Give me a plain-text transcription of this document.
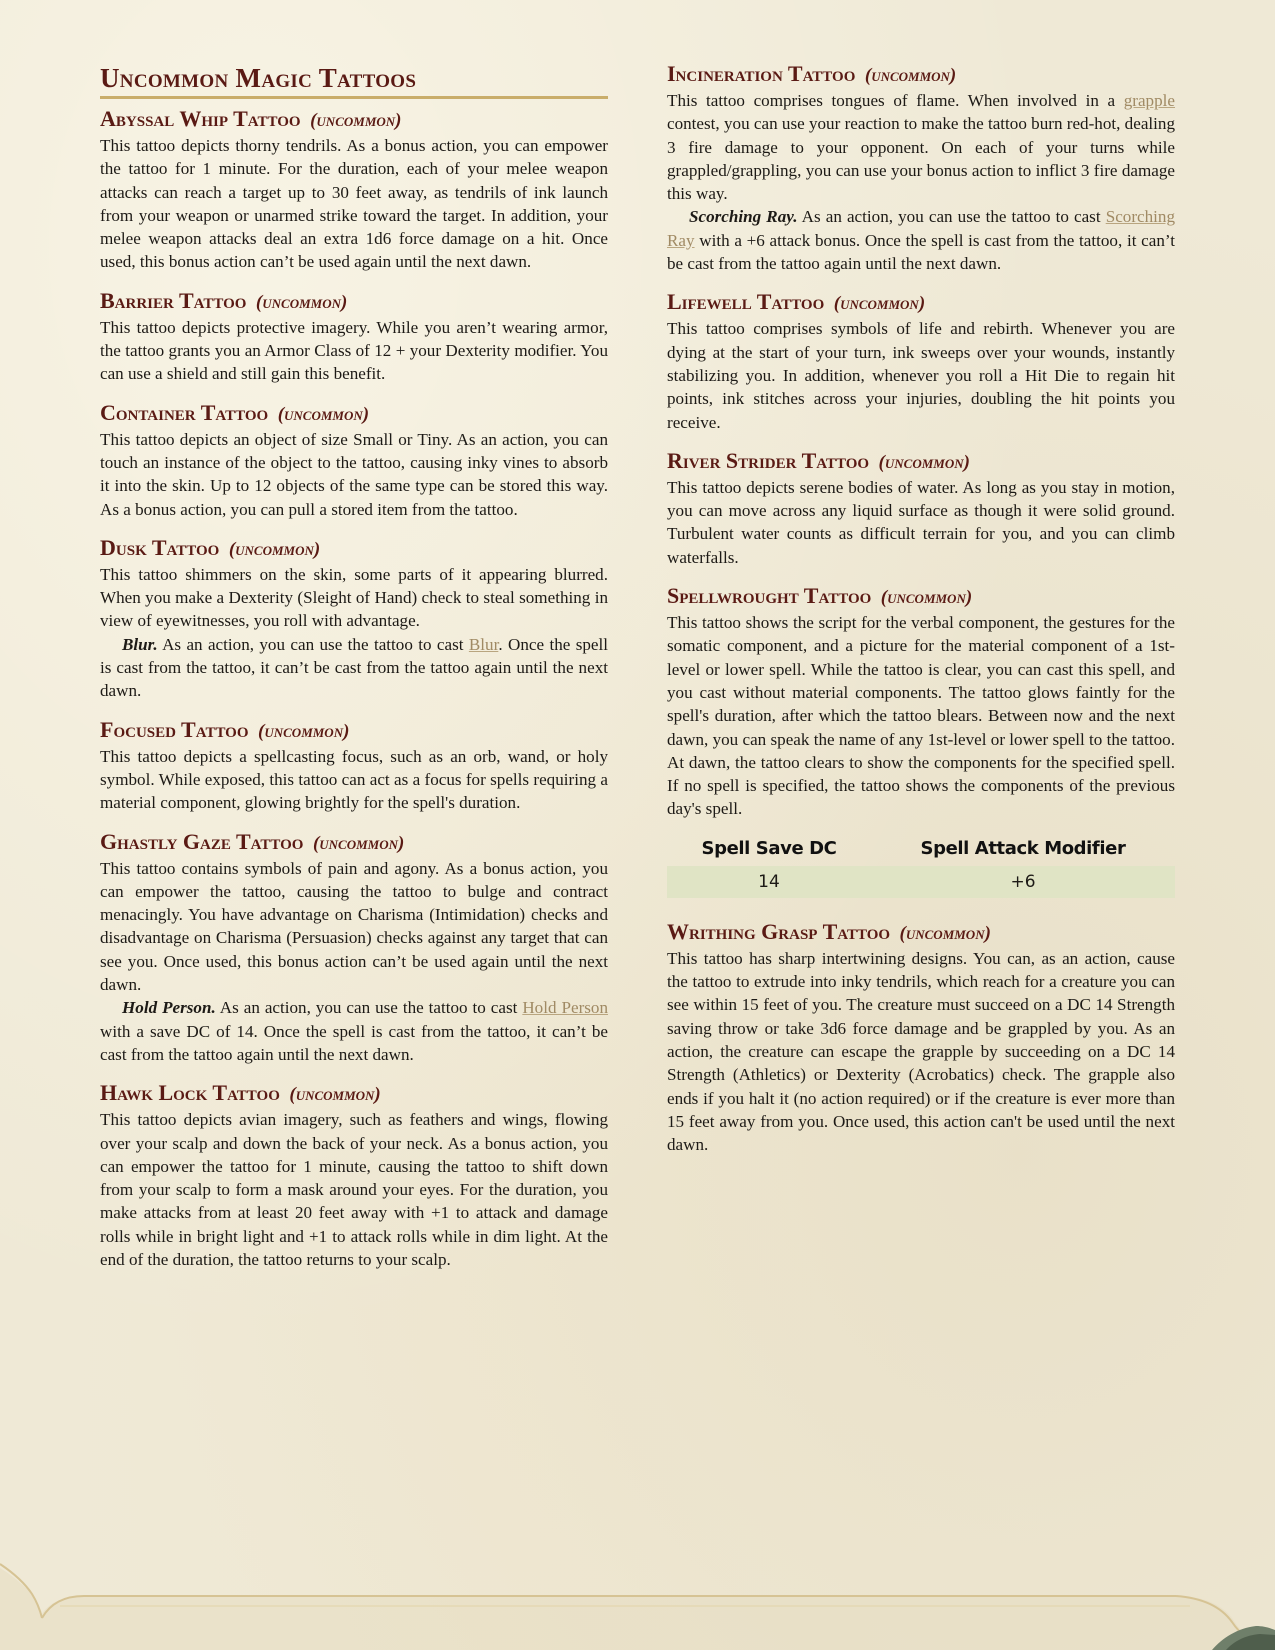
Uncommon Magic Tattoos
Abyssal Whip Tattoo (uncommon)

This tattoo depicts thorny tendrils. As a bonus action, you can empower the tattoo for 1 minute. For the duration, each of your melee weapon attacks can reach a target up to 30 feet away, as tendrils of ink launch from your weapon or unarmed strike toward the target. In addition, your melee weapon attacks deal an extra 1d6 force damage on a hit. Once used, this bonus action can’t be used again until the next dawn.

Barrier Tattoo (uncommon)

This tattoo depicts protective imagery. While you aren’t wearing armor, the tattoo grants you an Armor Class of 12 + your Dexterity modifier. You can use a shield and still gain this benefit.

Container Tattoo (uncommon)

This tattoo depicts an object of size Small or Tiny. As an action, you can touch an instance of the object to the tattoo, causing inky vines to absorb it into the skin. Up to 12 objects of the same type can be stored this way. As a bonus action, you can pull a stored item from the tattoo.

Dusk Tattoo (uncommon)

This tattoo shimmers on the skin, some parts of it appearing blurred. When you make a Dexterity (Sleight of Hand) check to steal something in view of eyewitnesses, you roll with advantage.

Blur. As an action, you can use the tattoo to cast Blur. Once the spell is cast from the tattoo, it can’t be cast from the tattoo again until the next dawn.

Focused Tattoo (uncommon)

This tattoo depicts a spellcasting focus, such as an orb, wand, or holy symbol. While exposed, this tattoo can act as a focus for spells requiring a material component, glowing brightly for the spell's duration.

Ghastly Gaze Tattoo (uncommon)

This tattoo contains symbols of pain and agony. As a bonus action, you can empower the tattoo, causing the tattoo to bulge and contract menacingly. You have advantage on Charisma (Intimidation) checks and disadvantage on Charisma (Persuasion) checks against any target that can see you. Once used, this bonus action can’t be used again until the next dawn.

Hold Person. As an action, you can use the tattoo to cast Hold Person with a save DC of 14. Once the spell is cast from the tattoo, it can’t be cast from the tattoo again until the next dawn.

Hawk Lock Tattoo (uncommon)

This tattoo depicts avian imagery, such as feathers and wings, flowing over your scalp and down the back of your neck. As a bonus action, you can empower the tattoo for 1 minute, causing the tattoo to shift down from your scalp to form a mask around your eyes. For the duration, you make attacks from at least 20 feet away with +1 to attack and damage rolls while in bright light and +1 to attack rolls while in dim light. At the end of the duration, the tattoo returns to your scalp.

Incineration Tattoo (uncommon)

This tattoo comprises tongues of flame. When involved in a grapple contest, you can use your reaction to make the tattoo burn red-hot, dealing 3 fire damage to your opponent. On each of your turns while grappled/grappling, you can use your bonus action to inflict 3 fire damage this way.

Scorching Ray. As an action, you can use the tattoo to cast Scorching Ray with a +6 attack bonus. Once the spell is cast from the tattoo, it can’t be cast from the tattoo again until the next dawn.

Lifewell Tattoo (uncommon)

This tattoo comprises symbols of life and rebirth. Whenever you are dying at the start of your turn, ink sweeps over your wounds, instantly stabilizing you. In addition, whenever you roll a Hit Die to regain hit points, ink stitches across your injuries, doubling the hit points you receive.

River Strider Tattoo (uncommon)

This tattoo depicts serene bodies of water. As long as you stay in motion, you can move across any liquid surface as though it were solid ground. Turbulent water counts as difficult terrain for you, and you can climb waterfalls.

Spellwrought Tattoo (uncommon)

This tattoo shows the script for the verbal component, the gestures for the somatic component, and a picture for the material component of a 1st-level or lower spell. While the tattoo is clear, you can cast this spell, and you cast without material components. The tattoo glows faintly for the spell's duration, after which the tattoo blears. Between now and the next dawn, you can speak the name of any 1st-level or lower spell to the tattoo. At dawn, the tattoo clears to show the components for the specified spell. If no spell is specified, the tattoo shows the components of the previous day's spell.

Spell Save DC	Spell Attack Modifier
14	+6
Writhing Grasp Tattoo (uncommon)

This tattoo has sharp intertwining designs. You can, as an action, cause the tattoo to extrude into inky tendrils, which reach for a creature you can see within 15 feet of you. The creature must succeed on a DC 14 Strength saving throw or take 3d6 force damage and be grappled by you. As an action, the creature can escape the grapple by succeeding on a DC 14 Strength (Athletics) or Dexterity (Acrobatics) check. The grapple also ends if you halt it (no action required) or if the creature is ever more than 15 feet away from you. Once used, this action can't be used until the next dawn.
